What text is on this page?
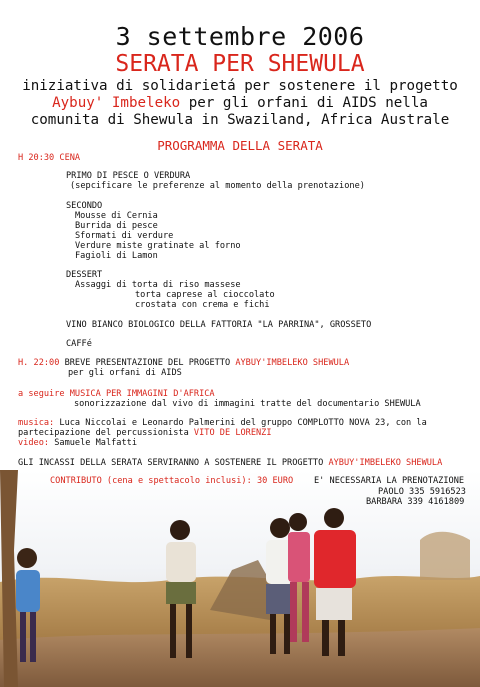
3 settembre 2006
SERATA PER SHEWULA
iniziativa di solidarietá per sostenere il progetto
Aybuy' Imbeleko per gli orfani di AIDS nella
comunita di Shewula in Swaziland, Africa Australe
PROGRAMMA DELLA SERATA
H 20:30 CENA
PRIMO DI PESCE O VERDURA
(sepcificare le preferenze al momento della prenotazione)
SECONDO
Mousse di Cernia
Burrida di pesce
Sformati di verdure
Verdure miste gratinate al forno
Fagioli di Lamon
DESSERT
Assaggi di torta di riso massese
torta caprese al cioccolato
crostata con crema e fichi
VINO BIANCO BIOLOGICO DELLA FATTORIA "LA PARRINA", GROSSETO
CAFFé
H. 22:00 BREVE PRESENTAZIONE DEL PROGETTO AYBUY'IMBELEKO SHEWULA
per gli orfani di AIDS
a seguire MUSICA PER IMMAGINI D'AFRICA
sonorizzazione dal vivo di immagini tratte del documentario SHEWULA
musica: Luca Niccolai e Leonardo Palmerini del gruppo COMPLOTTO NOVA 23, con la
partecipazione del percussionista VITO DE LORENZI
video: Samuele Malfatti
GLI INCASSI DELLA SERATA SERVIRANNO A SOSTENERE IL PROGETTO AYBUY'IMBELEKO SHEWULA
CONTRIBUTO (cena e spettacolo inclusi): 30 EURO E' NECESSARIA LA PRENOTAZIONE
PAOLO 335 5916523
BARBARA 339 4161809
